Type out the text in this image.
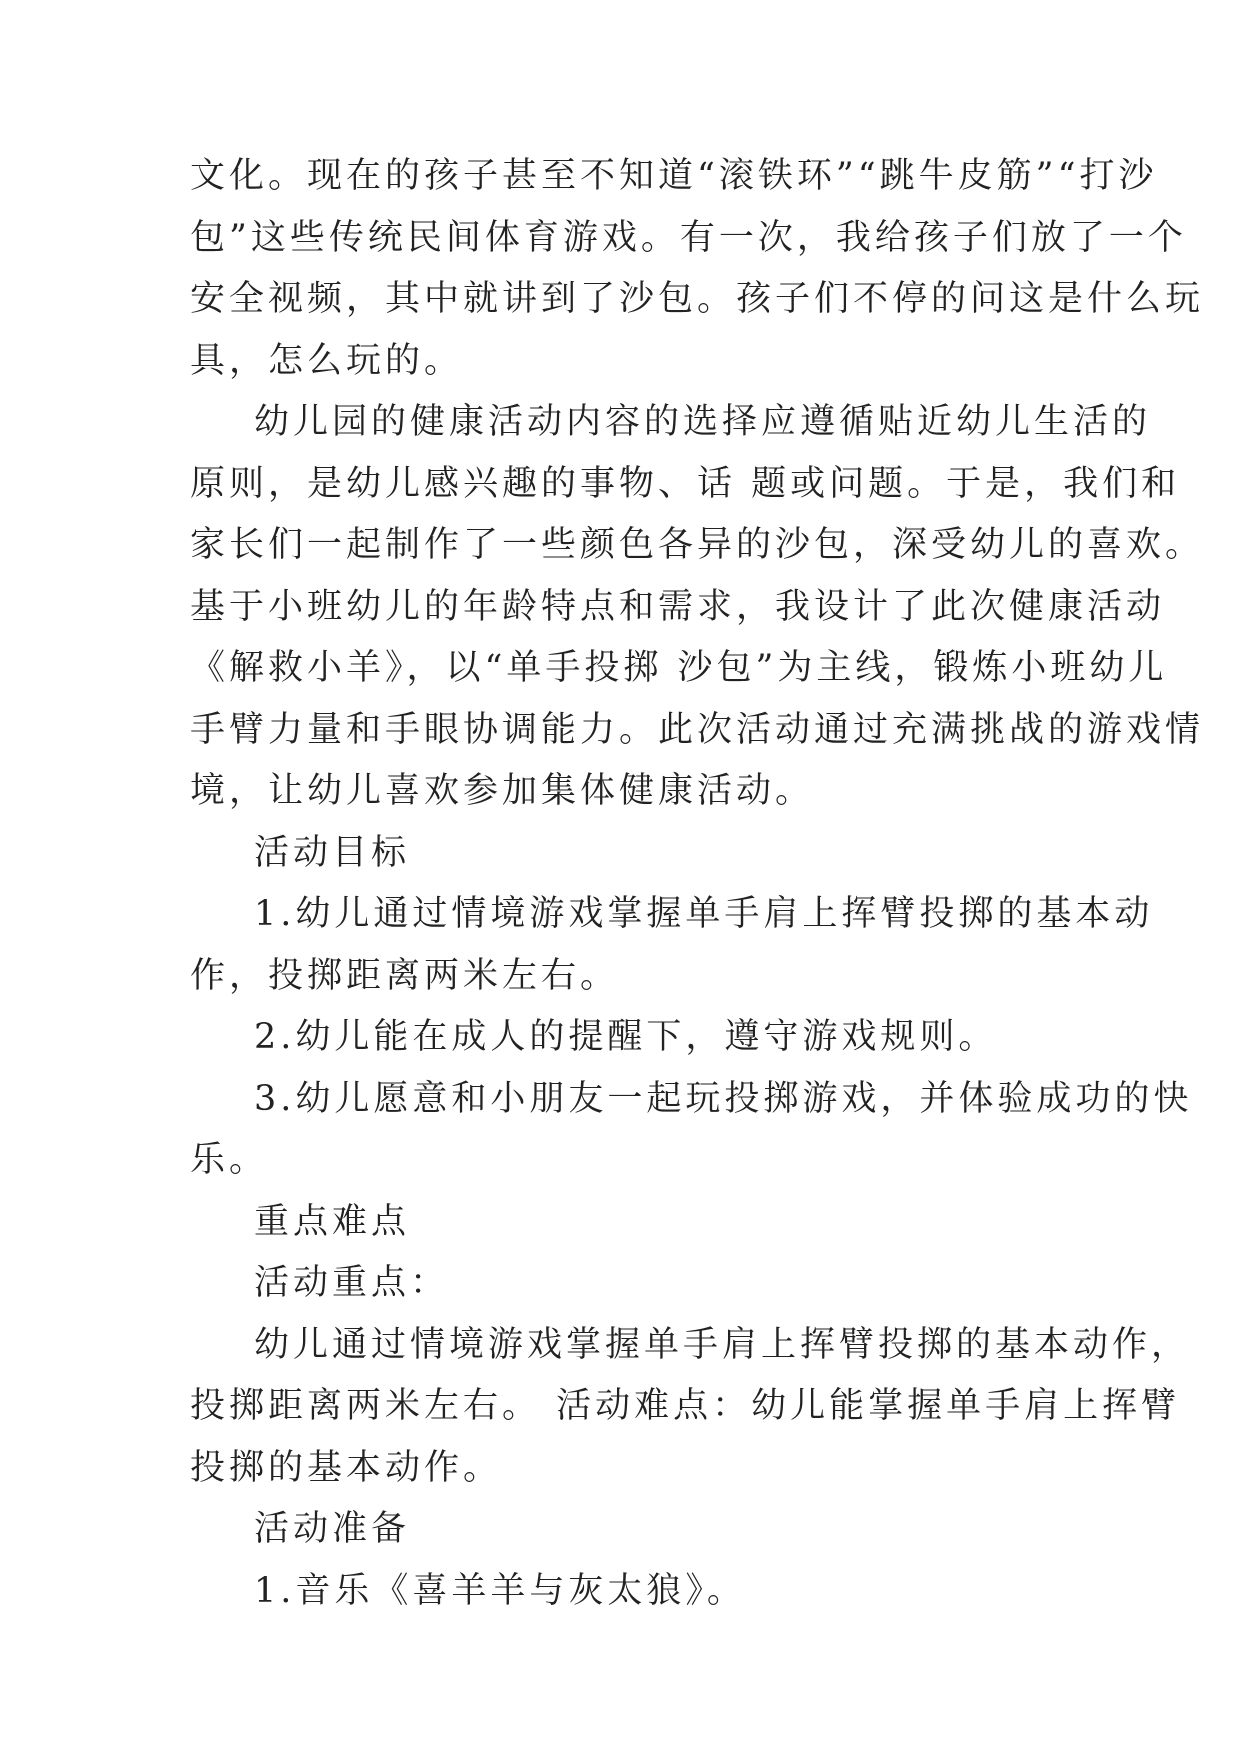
文化。现在的孩子甚至不知道“滚铁环”“跳牛皮筋”“打沙
包”这些传统民间体育游戏。有一次，我给孩子们放了一个
安全视频，其中就讲到了沙包。孩子们不停的问这是什么玩
具，怎么玩的。
幼儿园的健康活动内容的选择应遵循贴近幼儿生活的
原则，是幼儿感兴趣的事物、话 题或问题。于是，我们和
家长们一起制作了一些颜色各异的沙包，深受幼儿的喜欢。
基于小班幼儿的年龄特点和需求，我设计了此次健康活动
《解救小羊》，以“单手投掷 沙包”为主线，锻炼小班幼儿
手臂力量和手眼协调能力。此次活动通过充满挑战的游戏情
境，让幼儿喜欢参加集体健康活动。
活动目标
1.幼儿通过情境游戏掌握单手肩上挥臂投掷的基本动
作，投掷距离两米左右。
2.幼儿能在成人的提醒下，遵守游戏规则。
3.幼儿愿意和小朋友一起玩投掷游戏，并体验成功的快
乐。
重点难点
活动重点：
幼儿通过情境游戏掌握单手肩上挥臂投掷的基本动作，
投掷距离两米左右。 活动难点：幼儿能掌握单手肩上挥臂
投掷的基本动作。
活动准备
1.音乐《喜羊羊与灰太狼》。
